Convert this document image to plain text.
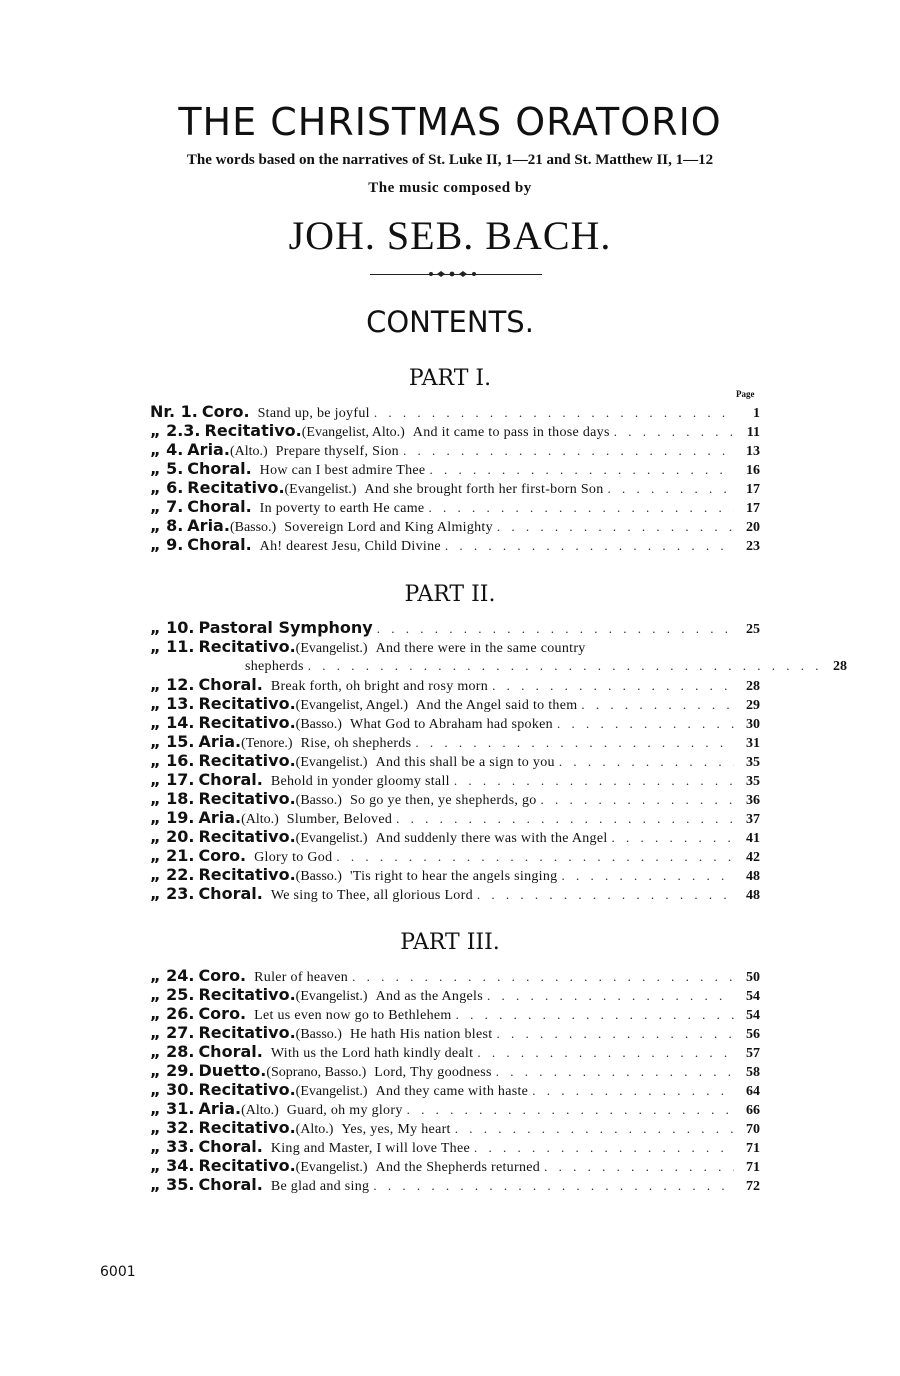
THE CHRISTMAS ORATORIO
The words based on the narratives of St. Luke II, 1—21 and St. Matthew II, 1—12
The music composed by
JOH. SEB. BACH.
CONTENTS.
PART I.
Page
PART II.
PART III.
Nr. 1. Coro. Stand up, be joyful . . .	1
„ 2.3. Recitativo. (Evangelist, Alto.) And it came to pass in those days . . .	11
„ 4. Aria. (Alto.) Prepare thyself, Sion . . .	13
„ 5. Choral. How can I best admire Thee . . .	16
„ 6. Recitativo. (Evangelist.) And she brought forth her first-born Son . . .	17
„ 7. Choral. In poverty to earth He came . . .	17
„ 8. Aria. (Basso.) Sovereign Lord and King Almighty . . .	20
„ 9. Choral. Ah! dearest Jesu, Child Divine . . .	23
„ 10. Pastoral Symphony . . .	25
„ 11. Recitativo. (Evangelist.) And there were in the same country
shepherds . . .	28
„ 12. Choral. Break forth, oh bright and rosy morn . . .	28
„ 13. Recitativo. (Evangelist, Angel.) And the Angel said to them . . .	29
„ 14. Recitativo. (Basso.) What God to Abraham had spoken . . .	30
„ 15. Aria. (Tenore.) Rise, oh shepherds . . .	31
„ 16. Recitativo. (Evangelist.) And this shall be a sign to you . . .	35
„ 17. Choral. Behold in yonder gloomy stall . . .	35
„ 18. Recitativo. (Basso.) So go ye then, ye shepherds, go . . .	36
„ 19. Aria. (Alto.) Slumber, Beloved . . .	37
„ 20. Recitativo. (Evangelist.) And suddenly there was with the Angel . . .	41
„ 21. Coro. Glory to God . . .	42
„ 22. Recitativo. (Basso.) 'Tis right to hear the angels singing . . .	48
„ 23. Choral. We sing to Thee, all glorious Lord . . .	48
„ 24. Coro. Ruler of heaven . . .	50
„ 25. Recitativo. (Evangelist.) And as the Angels . . .	54
„ 26. Coro. Let us even now go to Bethlehem . . .	54
„ 27. Recitativo. (Basso.) He hath His nation blest . . .	56
„ 28. Choral. With us the Lord hath kindly dealt . . .	57
„ 29. Duetto. (Soprano, Basso.) Lord, Thy goodness . . .	58
„ 30. Recitativo. (Evangelist.) And they came with haste . . .	64
„ 31. Aria. (Alto.) Guard, oh my glory . . .	66
„ 32. Recitativo. (Alto.) Yes, yes, My heart . . .	70
„ 33. Choral. King and Master, I will love Thee . . .	71
„ 34. Recitativo. (Evangelist.) And the Shepherds returned . . .	71
„ 35. Choral. Be glad and sing . . .	72
6001
